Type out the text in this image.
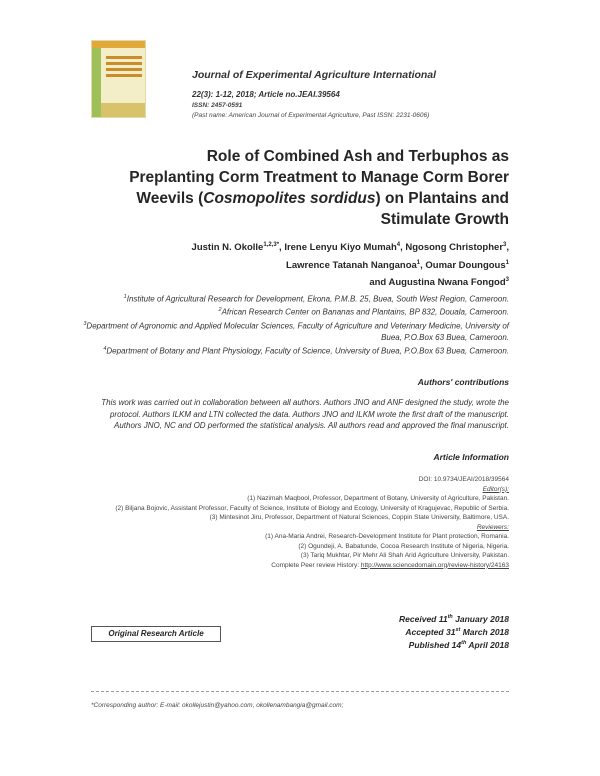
Journal of Experimental Agriculture International
22(3): 1-12, 2018; Article no.JEAI.39564
ISSN: 2457-0591
(Past name: American Journal of Experimental Agriculture, Past ISSN: 2231-0606)
Role of Combined Ash and Terbuphos as Preplanting Corm Treatment to Manage Corm Borer Weevils (Cosmopolites sordidus) on Plantains and Stimulate Growth
Justin N. Okolle$^{1,2,3*}$, Irene Lenyu Kiyo Mumah$^4$, Ngosong Christopher$^3$,
Lawrence Tatanah Nanganoa$^1$, Oumar Doungous$^1$
and Augustina Nwana Fongod$^3$
$^1$Institute of Agricultural Research for Development, Ekona, P.M.B. 25, Buea, South West Region, Cameroon.
$^2$African Research Center on Bananas and Plantains, BP 832, Douala, Cameroon.
$^3$Department of Agronomic and Applied Molecular Sciences, Faculty of Agriculture and Veterinary Medicine, University of Buea, P.O.Box 63 Buea, Cameroon.
$^4$Department of Botany and Plant Physiology, Faculty of Science, University of Buea, P.O.Box 63 Buea, Cameroon.
Authors' contributions
This work was carried out in collaboration between all authors. Authors JNO and ANF designed the study, wrote the protocol. Authors ILKM and LTN collected the data. Authors JNO and ILKM wrote the first draft of the manuscript. Authors JNO, NC and OD performed the statistical analysis. All authors read and approved the final manuscript.
Article Information
DOI: 10.9734/JEAI/2018/39564
Editor(s):
(1) Nazimah Maqbool, Professor, Department of Botany, University of Agriculture, Pakistan.
(2) Biljana Bojovic, Assistant Professor, Faculty of Science, Institute of Biology and Ecology, University of Kragujevac, Republic of Serbia.
(3) Mintesinot Jiru, Professor, Department of Natural Sciences, Coppin State University, Baltimore, USA.
Reviewers:
(1) Ana-Maria Andrei, Research-Development Institute for Plant protection, Romania.
(2) Ogundeji, A. Babatunde, Cocoa Research Institute of Nigeria, Nigeria.
(3) Tariq Mukhtar, Pir Mehr Ali Shah Arid Agriculture University, Pakistan.
Complete Peer review History: http://www.sciencedomain.org/review-history/24163
Received 11th January 2018
Accepted 31st March 2018
Published 14th April 2018
Original Research Article
*Corresponding author: E-mail: okollejustin@yahoo.com, okollenambangia@gmail.com;
